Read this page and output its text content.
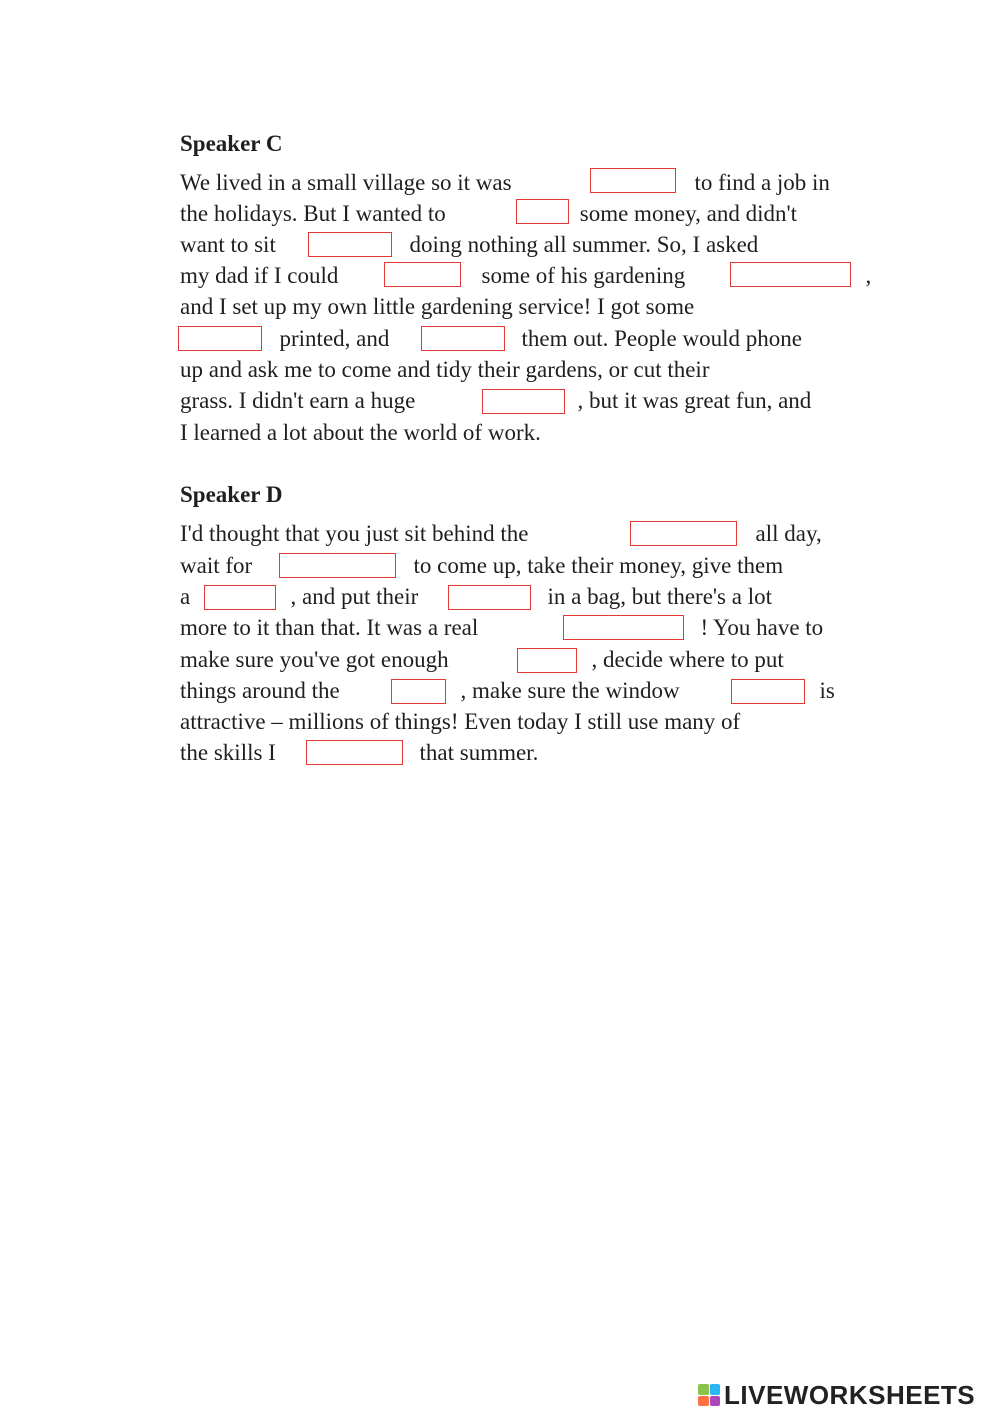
Speaker C
We lived in a small village so it was	to find a job in
the holidays. But I wanted to	some money, and didn't
want to sit	doing nothing all summer. So, I asked
my dad if I could	some of his gardening	,
and I set up my own little gardening service! I got some
printed, and	them out. People would phone
up and ask me to come and tidy their gardens, or cut their
grass. I didn't earn a huge	, but it was great fun, and
I learned a lot about the world of work.
Speaker D
I'd thought that you just sit behind the	all day,
wait for	to come up, take their money, give them
a	, and put their	in a bag, but there's a lot
more to it than that. It was a real	! You have to
make sure you've got enough	, decide where to put
things around the	, make sure the window	is
attractive – millions of things! Even today I still use many of
the skills I	that summer.
LIVEWORKSHEETS
